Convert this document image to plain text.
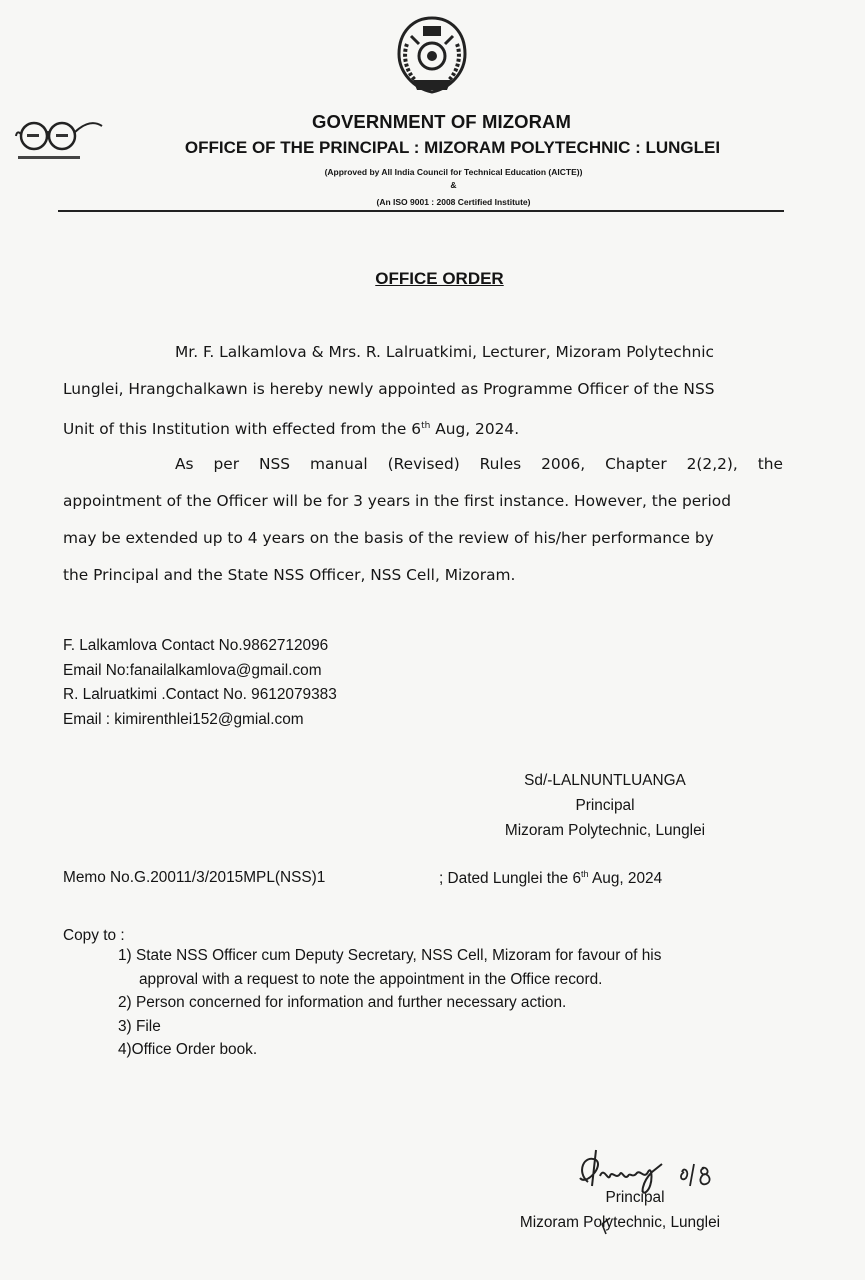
GOVERNMENT OF MIZORAM
OFFICE OF THE PRINCIPAL : MIZORAM POLYTECHNIC : LUNGLEI
(Approved by All India Council for Technical Education (AICTE))
&
(An ISO 9001 : 2008 Certified Institute)
OFFICE ORDER
Mr. F. Lalkamlova & Mrs. R. Lalruatkimi, Lecturer, Mizoram Polytechnic
Lunglei, Hrangchalkawn is hereby newly appointed as Programme Officer of the NSS
Unit of this Institution with effected from the 6th Aug, 2024.
As per NSS manual (Revised) Rules 2006, Chapter 2(2,2), the
appointment of the Officer will be for 3 years in the first instance. However, the period
may be extended up to 4 years on the basis of the review of his/her performance by
the Principal and the State NSS Officer, NSS Cell, Mizoram.
F. Lalkamlova Contact No.9862712096
Email No:fanailalkamlova@gmail.com
R. Lalruatkimi .Contact No. 9612079383
Email : kimirenthlei152@gmial.com
Sd/-LALNUNTLUANGA
Principal
Mizoram Polytechnic, Lunglei
Memo No.G.20011/3/2015MPL(NSS)1	; Dated Lunglei the 6th Aug, 2024
Copy to :
1) State NSS Officer cum Deputy Secretary, NSS Cell, Mizoram for favour of his
approval with a request to note the appointment in the Office record.
2) Person concerned for information and further necessary action.
3) File
4)Office Order book.
Principal
Mizoram Polytechnic, Lunglei
